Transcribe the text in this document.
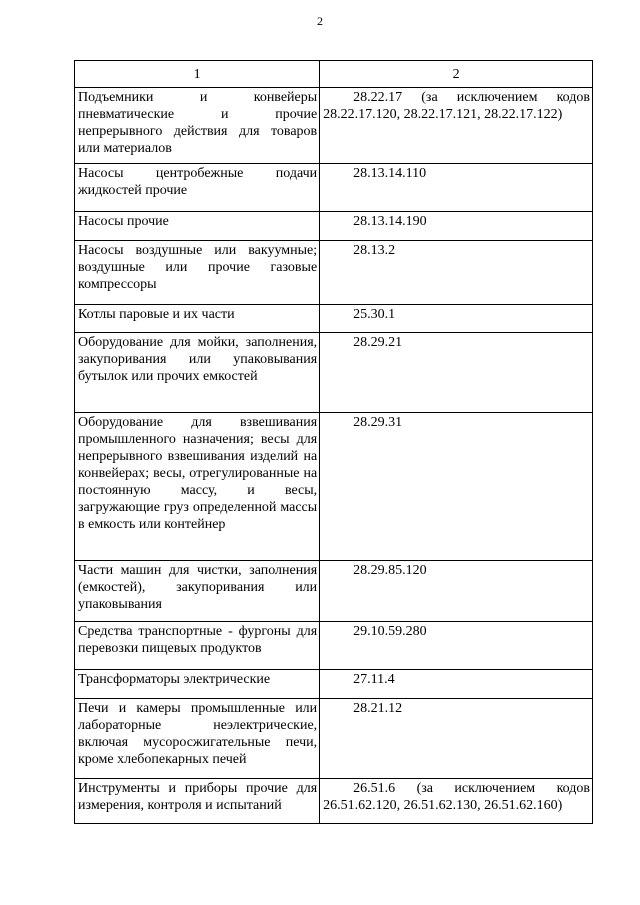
2
1	2
Подъемники и конвейеры пневматические и прочие непрерывного действия для товаров или материалов	28.22.17 (за исключением кодов 28.22.17.120, 28.22.17.121, 28.22.17.122)
Насосы центробежные подачи жидкостей прочие	28.13.14.110
Насосы прочие	28.13.14.190
Насосы воздушные или вакуумные; воздушные или прочие газовые компрессоры	28.13.2
Котлы паровые и их части	25.30.1
Оборудование для мойки, заполнения, закупоривания или упаковывания бутылок или прочих емкостей	28.29.21
Оборудование для взвешивания промышленного назначения; весы для непрерывного взвешивания изделий на конвейерах; весы, отрегулированные на постоянную массу, и весы, загружающие груз определенной массы в емкость или контейнер	28.29.31
Части машин для чистки, заполнения (емкостей), закупоривания или упаковывания	28.29.85.120
Средства транспортные - фургоны для перевозки пищевых продуктов	29.10.59.280
Трансформаторы электрические	27.11.4
Печи и камеры промышленные или лабораторные неэлектрические, включая мусоросжигательные печи, кроме хлебопекарных печей	28.21.12
Инструменты и приборы прочие для измерения, контроля и испытаний	26.51.6 (за исключением кодов 26.51.62.120, 26.51.62.130, 26.51.62.160)
